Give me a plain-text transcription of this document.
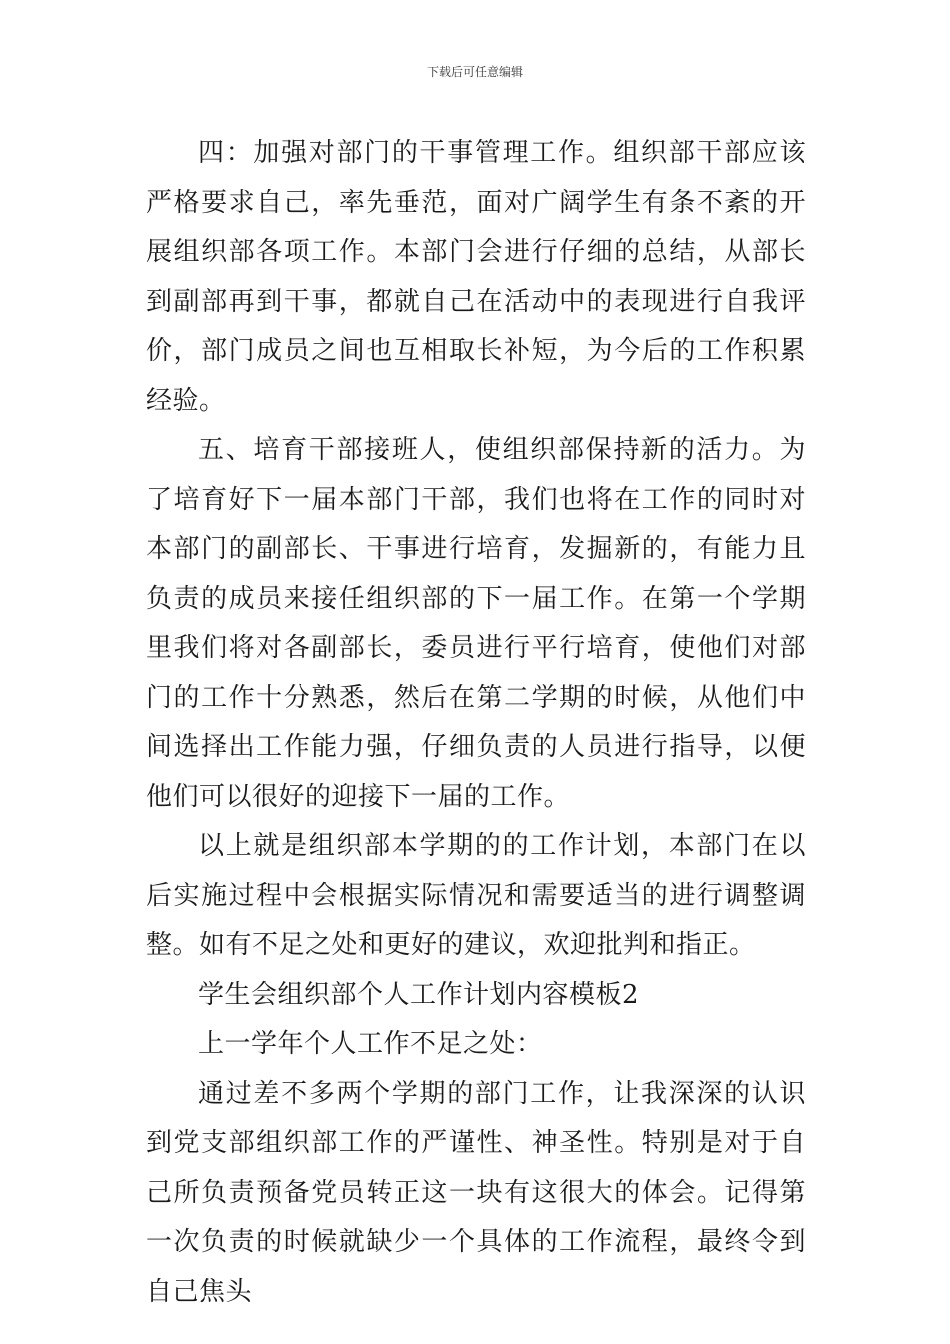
下载后可任意编辑

四：加强对部门的干事管理工作。组织部干部应该严格要求自己，率先垂范，面对广阔学生有条不紊的开展组织部各项工作。本部门会进行仔细的总结，从部长到副部再到干事，都就自己在活动中的表现进行自我评价，部门成员之间也互相取长补短，为今后的工作积累经验。

五、培育干部接班人，使组织部保持新的活力。为了培育好下一届本部门干部，我们也将在工作的同时对本部门的副部长、干事进行培育，发掘新的，有能力且负责的成员来接任组织部的下一届工作。在第一个学期里我们将对各副部长，委员进行平行培育，使他们对部门的工作十分熟悉，然后在第二学期的时候，从他们中间选择出工作能力强，仔细负责的人员进行指导，以便他们可以很好的迎接下一届的工作。

以上就是组织部本学期的的工作计划，本部门在以后实施过程中会根据实际情况和需要适当的进行调整调整。如有不足之处和更好的建议，欢迎批判和指正。

学生会组织部个人工作计划内容模板2

上一学年个人工作不足之处：

通过差不多两个学期的部门工作，让我深深的认识到党支部组织部工作的严谨性、神圣性。特别是对于自己所负责预备党员转正这一块有这很大的体会。记得第一次负责的时候就缺少一个具体的工作流程，最终令到自己焦头
